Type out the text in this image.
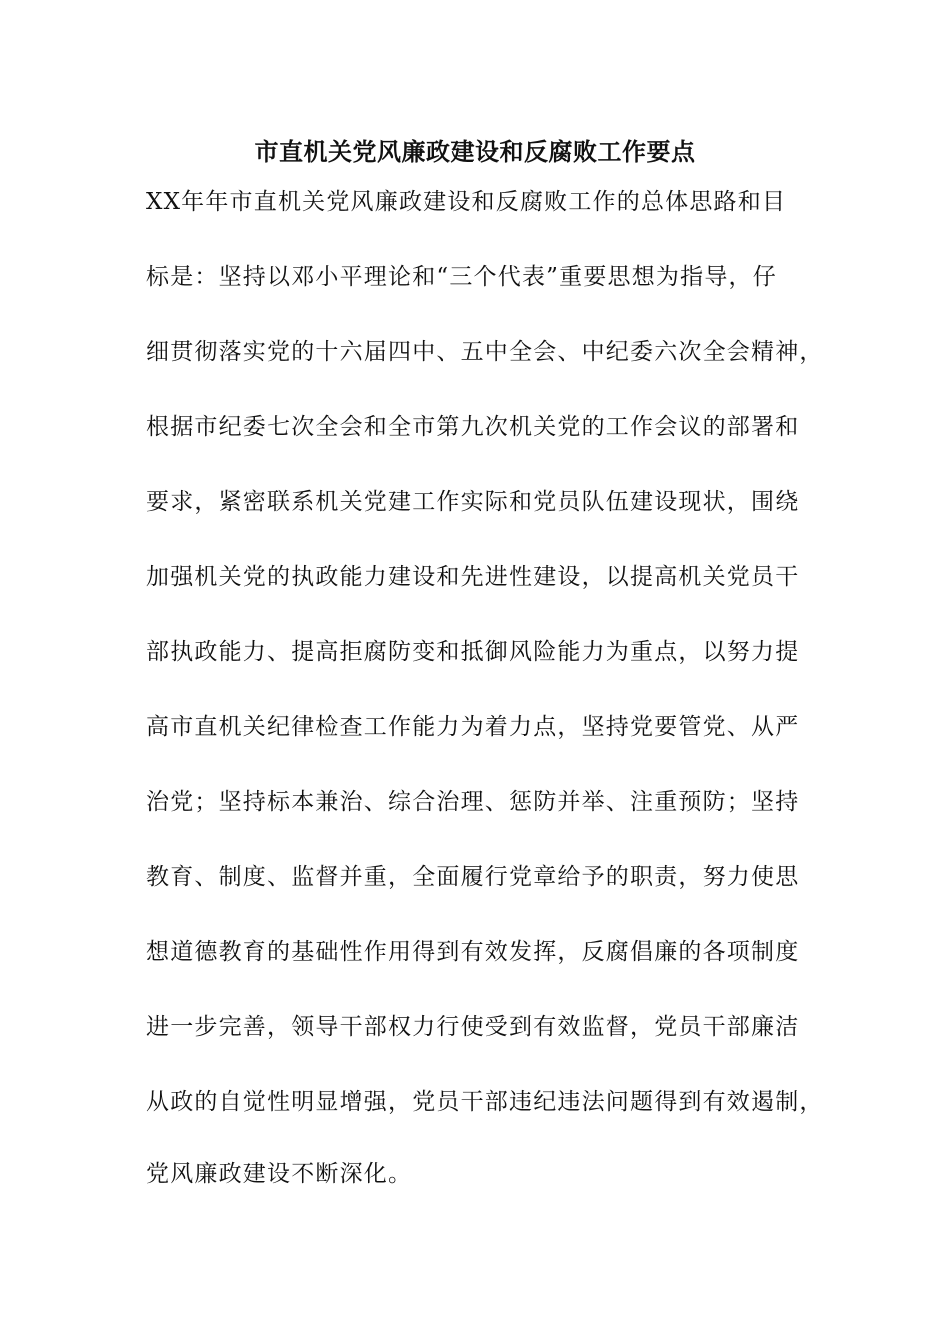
市直机关党风廉政建设和反腐败工作要点

XX年年市直机关党风廉政建设和反腐败工作的总体思路和目

标是：坚持以邓小平理论和“三个代表”重要思想为指导，仔

细贯彻落实党的十六届四中、五中全会、中纪委六次全会精神，

根据市纪委七次全会和全市第九次机关党的工作会议的部署和

要求，紧密联系机关党建工作实际和党员队伍建设现状，围绕

加强机关党的执政能力建设和先进性建设，以提高机关党员干

部执政能力、提高拒腐防变和抵御风险能力为重点，以努力提

高市直机关纪律检查工作能力为着力点，坚持党要管党、从严

治党；坚持标本兼治、综合治理、惩防并举、注重预防；坚持

教育、制度、监督并重，全面履行党章给予的职责，努力使思

想道德教育的基础性作用得到有效发挥，反腐倡廉的各项制度

进一步完善，领导干部权力行使受到有效监督，党员干部廉洁

从政的自觉性明显增强，党员干部违纪违法问题得到有效遏制，

党风廉政建设不断深化。
